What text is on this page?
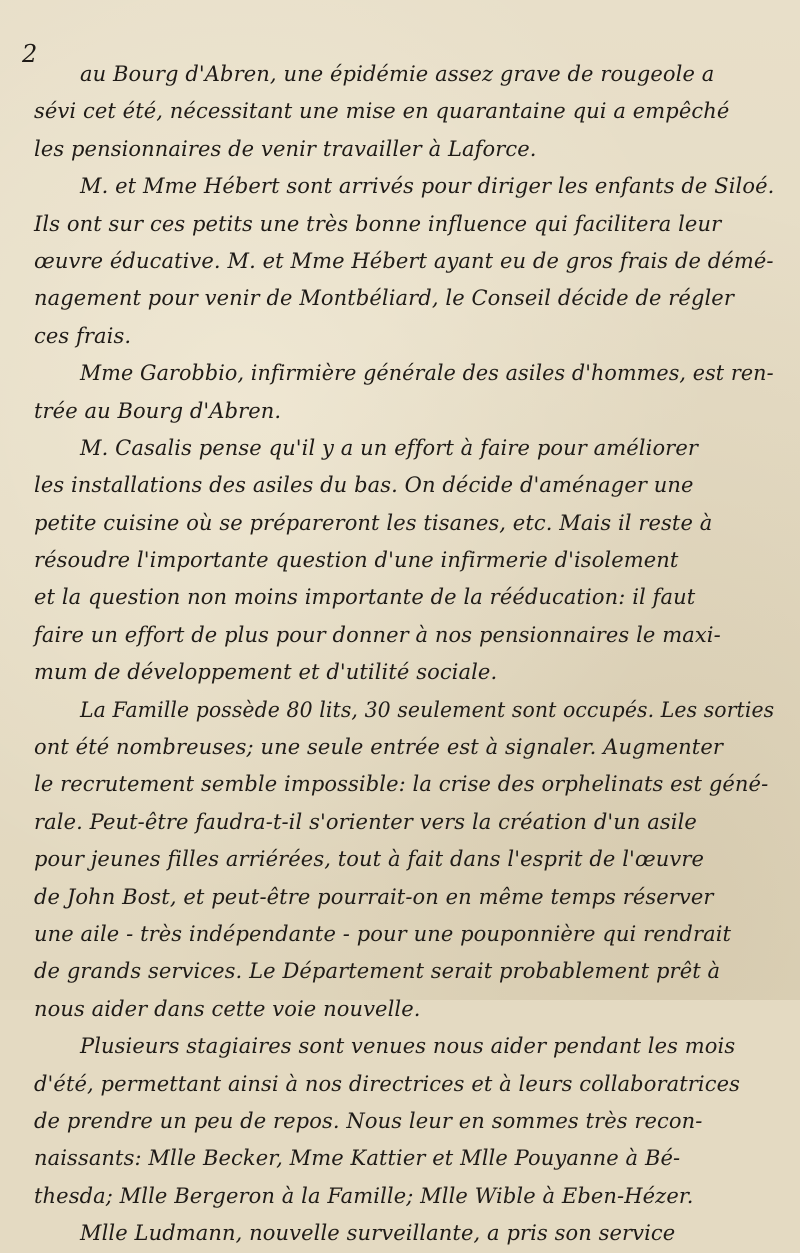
2
au Bourg d'Abren, une épidémie assez grave de rougeole a
sévi cet été, nécessitant une mise en quarantaine qui a empêché
les pensionnaires de venir travailler à Laforce.
M. et Mme Hébert sont arrivés pour diriger les enfants de Siloé.
Ils ont sur ces petits une très bonne influence qui facilitera leur
œuvre éducative. M. et Mme Hébert ayant eu de gros frais de démé-
nagement pour venir de Montbéliard, le Conseil décide de régler
ces frais.
Mme Garobbio, infirmière générale des asiles d'hommes, est ren-
trée au Bourg d'Abren.
M. Casalis pense qu'il y a un effort à faire pour améliorer
les installations des asiles du bas. On décide d'aménager une
petite cuisine où se prépareront les tisanes, etc. Mais il reste à
résoudre l'importante question d'une infirmerie d'isolement
et la question non moins importante de la rééducation: il faut
faire un effort de plus pour donner à nos pensionnaires le maxi-
mum de développement et d'utilité sociale.
La Famille possède 80 lits, 30 seulement sont occupés. Les sorties
ont été nombreuses; une seule entrée est à signaler. Augmenter
le recrutement semble impossible: la crise des orphelinats est géné-
rale. Peut-être faudra-t-il s'orienter vers la création d'un asile
pour jeunes filles arriérées, tout à fait dans l'esprit de l'œuvre
de John Bost, et peut-être pourrait-on en même temps réserver
une aile - très indépendante - pour une pouponnière qui rendrait
de grands services. Le Département serait probablement prêt à
nous aider dans cette voie nouvelle.
Plusieurs stagiaires sont venues nous aider pendant les mois
d'été, permettant ainsi à nos directrices et à leurs collaboratrices
de prendre un peu de repos. Nous leur en sommes très recon-
naissants: Mlle Becker, Mme Kattier et Mlle Pouyanne à Bé-
thesda; Mlle Bergeron à la Famille; Mlle Wible à Eben-Hézer.
Mlle Ludmann, nouvelle surveillante, a pris son service
